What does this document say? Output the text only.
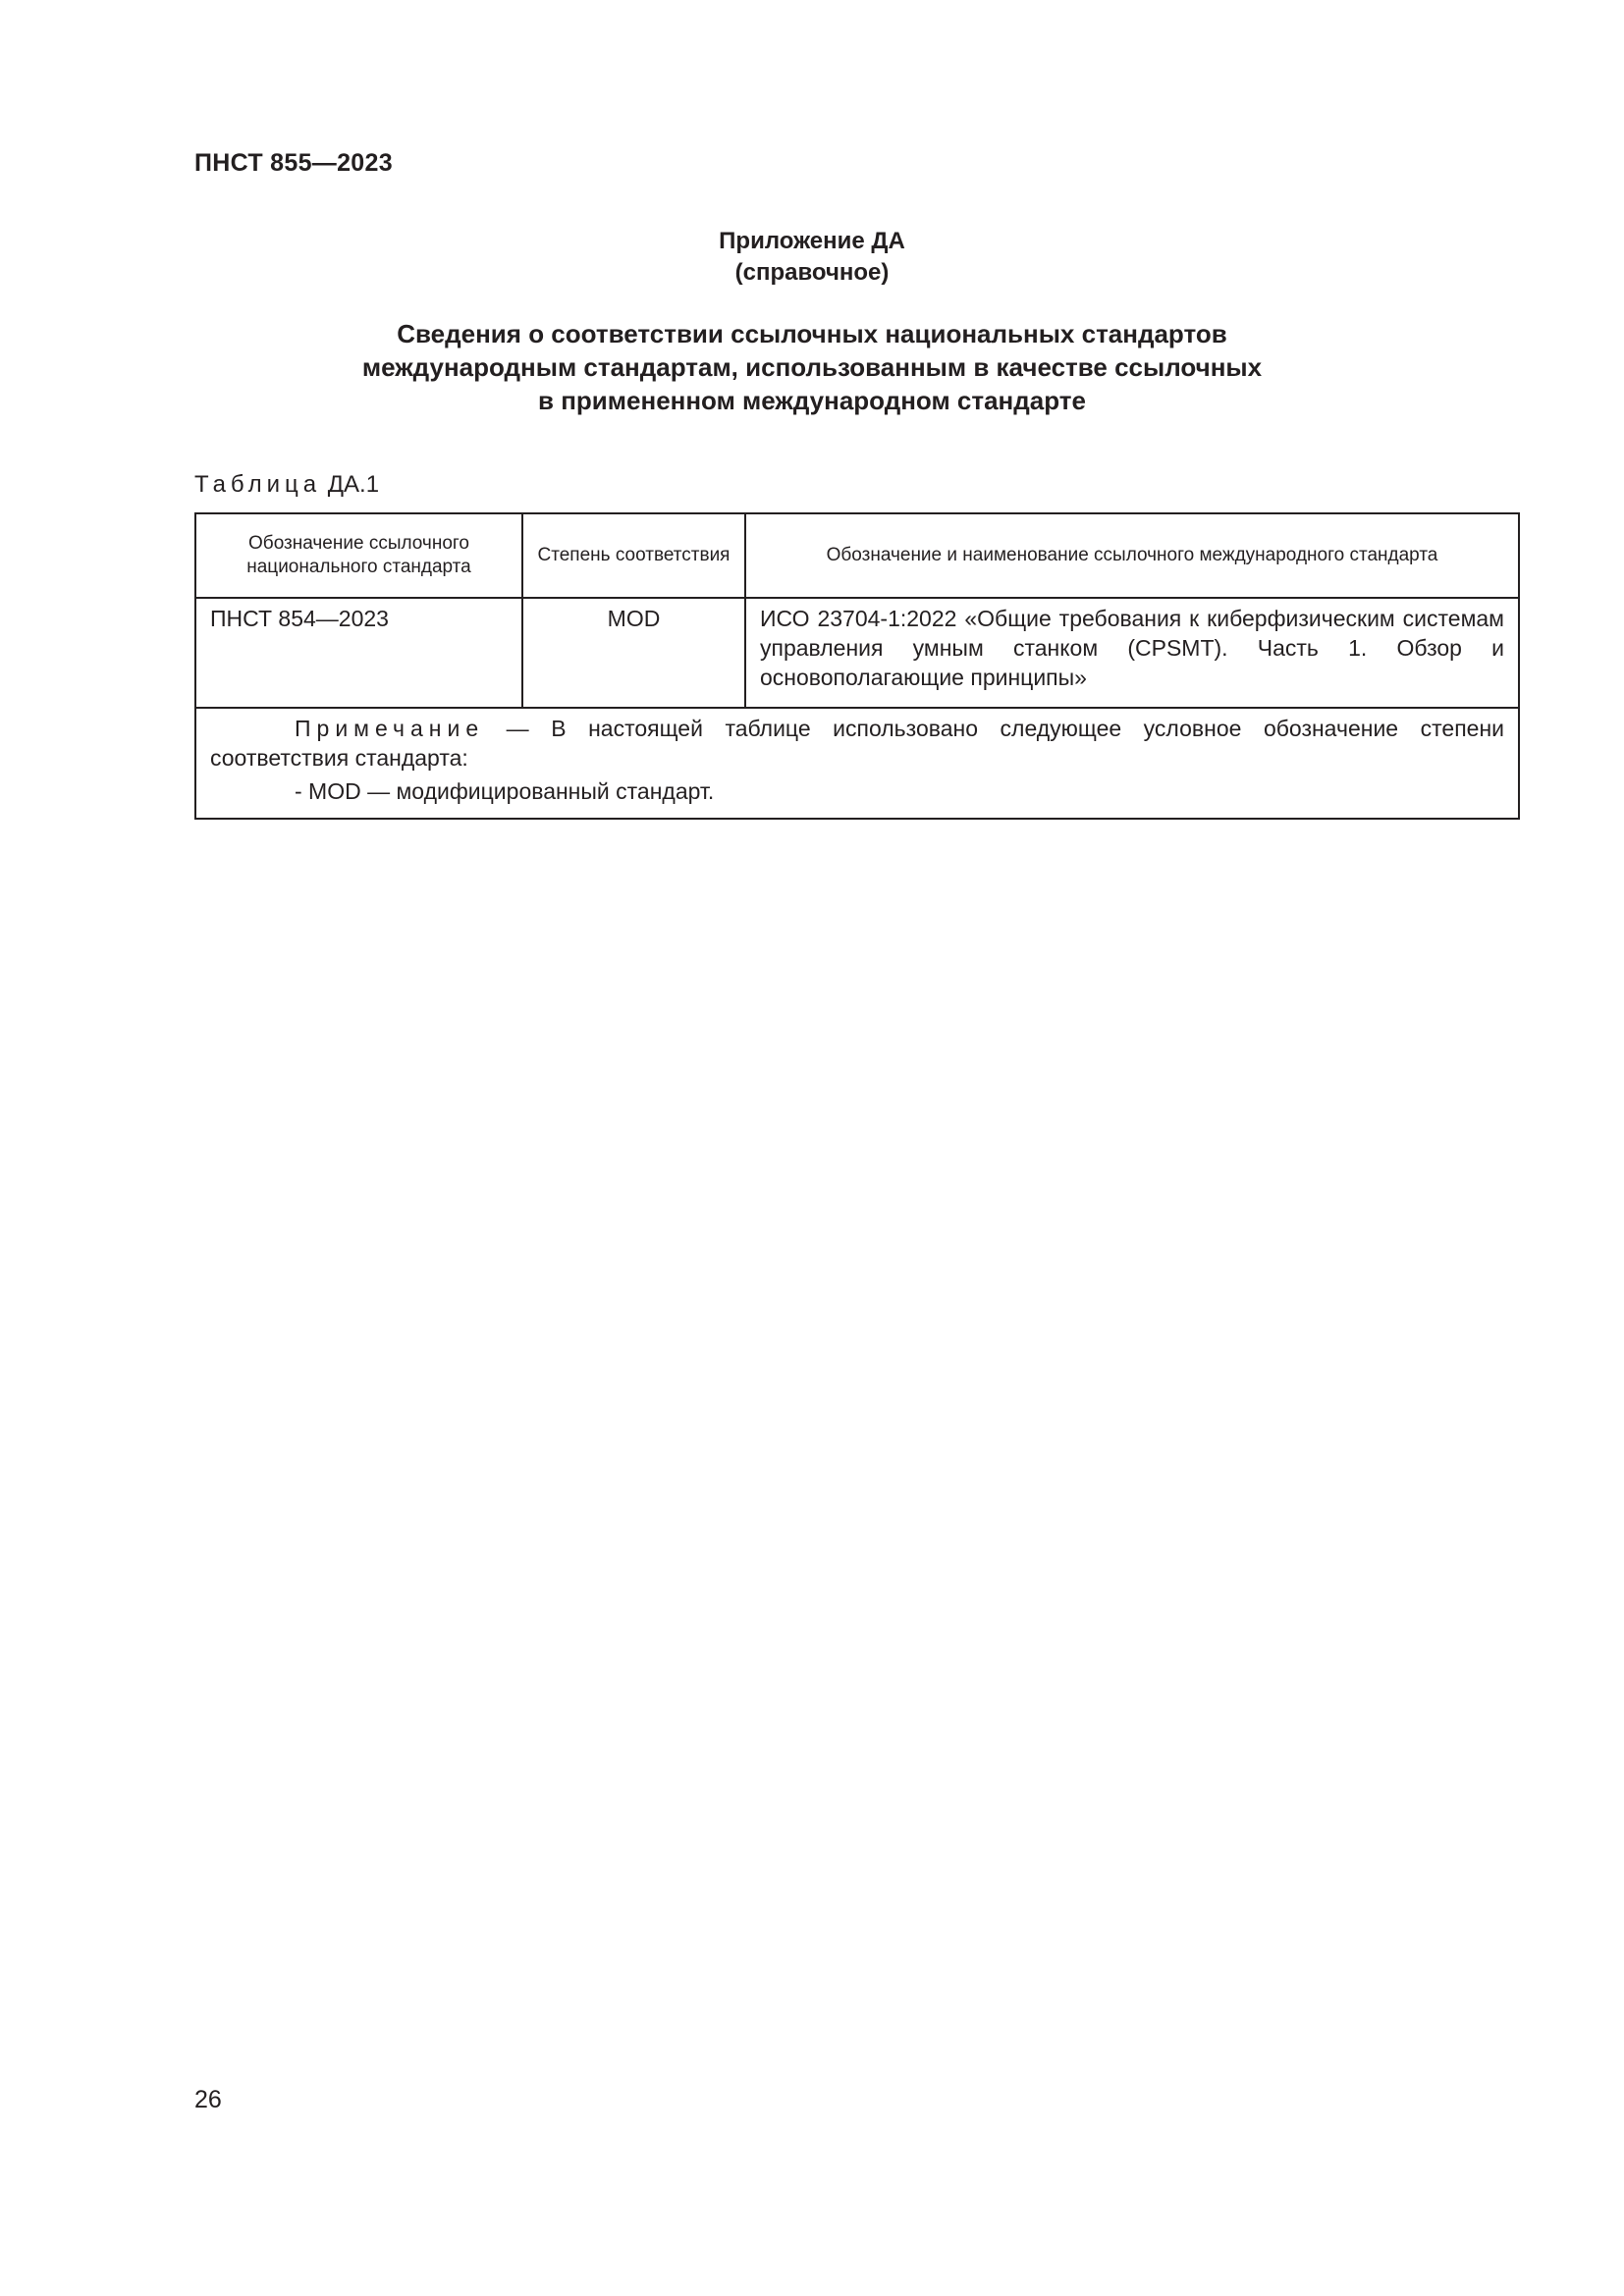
ПНСТ 855—2023
Приложение ДА
(справочное)
Сведения о соответствии ссылочных национальных стандартов
международным стандартам, использованным в качестве ссылочных
в примененном международном стандарте
Таблица ДА.1
Обозначение ссылочного национального стандарта	Степень соответствия	Обозначение и наименование ссылочного международного стандарта
ПНСТ 854—2023	MOD	ИСО 23704-1:2022 «Общие требования к киберфизическим системам управления умным станком (CPSMT). Часть 1. Обзор и основополагающие принципы»

Примечание — В настоящей таблице использовано следующее условное обозначение степени соответствия стандарта:

- MOD — модифицированный стандарт.		
26
